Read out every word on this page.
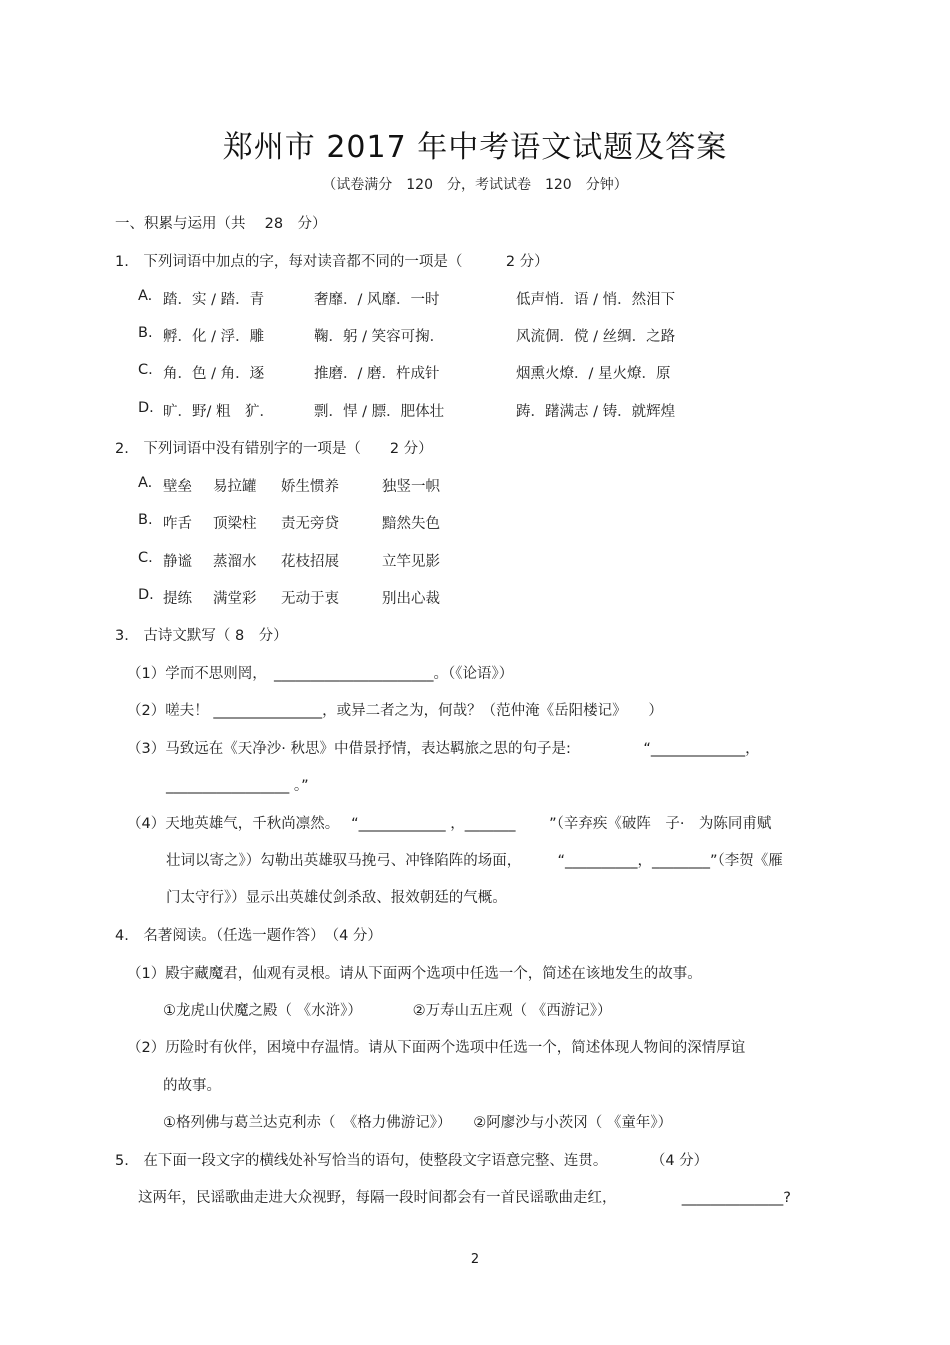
郑州市 2017 年中考语文试题及答案
（试卷满分　120　分，考试试卷　120　分钟）
一、积累与运用（共　 28　分）
1.　下列词语中加点的字，每对读音都不同的一项是（　　　2 分）
A. 踏．实 / 踏．青	奢靡．/ 风靡．一时	低声悄．语 / 悄．然泪下
B. 孵．化 / 浮．雕	鞠．躬 / 笑容可掬．	风流倜．傥 / 丝绸．之路
C. 角．色 / 角．逐	推磨．/ 磨．杵成针	烟熏火燎．/ 星火燎．原
D. 旷．野/ 粗　犷．	剽．悍 / 膘．肥体壮	踌．躇满志 / 铸．就辉煌
2.　下列词语中没有错别字的一项是（　　2 分）
A. 壁垒 易拉罐 娇生惯养	独竖一帜
B. 咋舌 顶梁柱 责无旁贷	黯然失色
C. 静谧 蒸溜水 花枝招展	立竿见影
D. 提练 满堂彩 无动于衷	别出心裁
3.　古诗文默写（ 8　分）
（1）学而不思则罔，　______________________。（《论语》）
（2）嗟夫！ _______________，或异二者之为，何哉？（范仲淹《岳阳楼记》　　）
（3）马致远在《天净沙· 秋思》中借景抒情，表达羁旅之思的句子是:　　　　　“_____________，
_________________ 。”
（4）天地英雄气，千秋尚凛然。　 “____________ ，_______　　 ”（辛弃疾《破阵　子·　为陈同甫赋
壮词以寄之》）勾勒出英雄驭马挽弓、冲锋陷阵的场面，　　　“__________，________”（李贺《雁
门太守行》）显示出英雄仗剑杀敌、报效朝廷的气概。
4.　名著阅读。（任选一题作答）　（4 分）
（1）殿宇藏魔君，仙观有灵根。请从下面两个选项中任选一个，简述在该地发生的故事。
①龙虎山伏魔之殿（ 《水浒》）　　　　②万寿山五庄观（ 《西游记》）
（2）历险时有伙伴，困境中存温情。请从下面两个选项中任选一个，简述体现人物间的深情厚谊
的故事。
①格列佛与葛兰达克利赤（　《格力佛游记》）　　②阿廖沙与小茨冈（ 《童年》）
5.　在下面一段文字的横线处补写恰当的语句，使整段文字语意完整、连贯。　　　　（4 分）
这两年，民谣歌曲走进大众视野，每隔一段时间都会有一首民谣歌曲走红，　　　　　______________?
2
